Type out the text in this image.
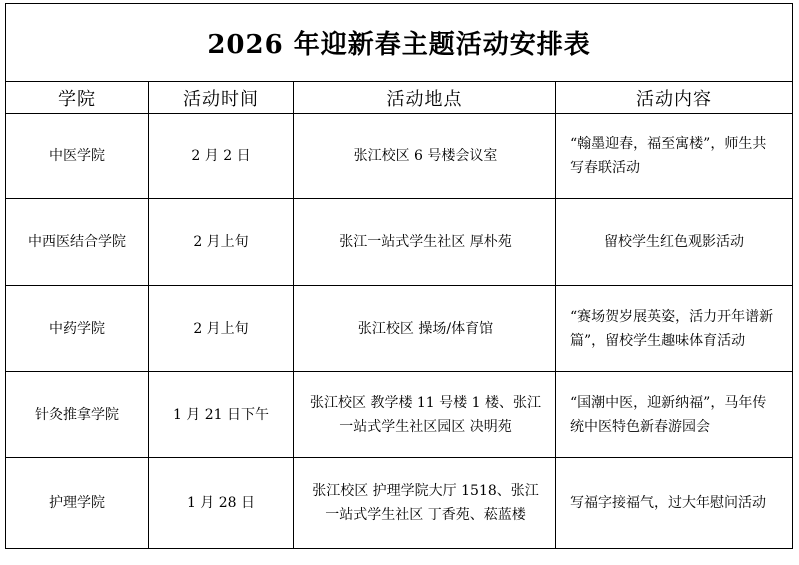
2026 年迎新春主题活动安排表			
学院	活动时间	活动地点	活动内容
中医学院	2 月 2 日	张江校区 6 号楼会议室	“翰墨迎春，福至寓楼”，师生共写春联活动
中西医结合学院	2 月上旬	张江一站式学生社区 厚朴苑	留校学生红色观影活动
中药学院	2 月上旬	张江校区 操场/体育馆	“赛场贺岁展英姿，活力开年谱新篇”，留校学生趣味体育活动
针灸推拿学院	1 月 21 日下午	张江校区 教学楼 11 号楼 1 楼、张江一站式学生社区园区 决明苑	“国潮中医，迎新纳福”，马年传统中医特色新春游园会
护理学院	1 月 28 日	张江校区 护理学院大厅 1518、张江一站式学生社区 丁香苑、菘蓝楼	写福字接福气，过大年慰问活动
